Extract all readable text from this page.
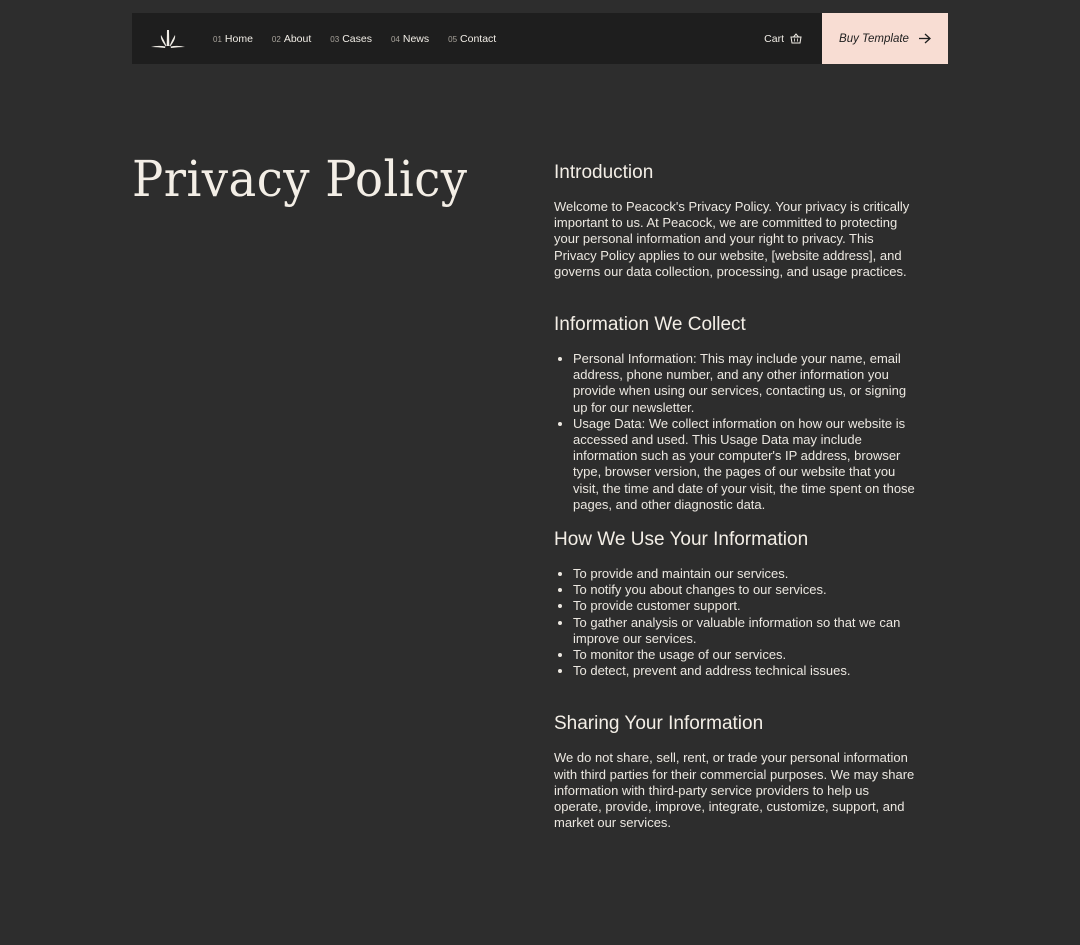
01 Home 02 About 03 Cases 04 News 05 Contact	Cart	Buy Template
Privacy Policy	Introduction

Welcome to Peacock's Privacy Policy. Your privacy is critically important to us. At Peacock, we are committed to protecting your personal information and your right to privacy. This Privacy Policy applies to our website, [website address], and governs our data collection, processing, and usage practices.

Information We Collect
• Personal Information: This may include your name, email address, phone number, and any other information you provide when using our services, contacting us, or signing up for our newsletter.
• Usage Data: We collect information on how our website is accessed and used. This Usage Data may include information such as your computer's IP address, browser type, browser version, the pages of our website that you visit, the time and date of your visit, the time spent on those pages, and other diagnostic data.
How We Use Your Information
• To provide and maintain our services.
• To notify you about changes to our services.
• To provide customer support.
• To gather analysis or valuable information so that we can improve our services.
• To monitor the usage of our services.
• To detect, prevent and address technical issues.
Sharing Your Information

We do not share, sell, rent, or trade your personal information with third parties for their commercial purposes. We may share information with third-party service providers to help us operate, provide, improve, integrate, customize, support, and market our services.
